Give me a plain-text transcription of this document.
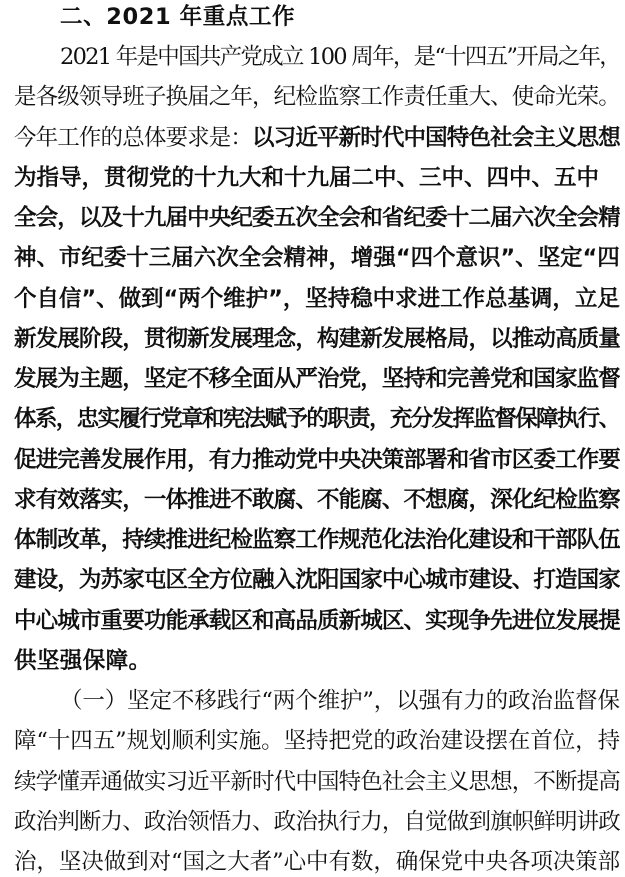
二、2021 年重点工作
2021 年是中国共产党成立 100 周年，是“十四五”开局之年，
是各级领导班子换届之年，纪检监察工作责任重大、使命光荣。
今年工作的总体要求是：以习近平新时代中国特色社会主义思想
为指导，贯彻党的十九大和十九届二中、三中、四中、五中
全会，以及十九届中央纪委五次全会和省纪委十二届六次全会精
神、市纪委十三届六次全会精神，增强“四个意识”、坚定“四
个自信”、做到“两个维护”，坚持稳中求进工作总基调，立足
新发展阶段，贯彻新发展理念，构建新发展格局，以推动高质量
发展为主题，坚定不移全面从严治党，坚持和完善党和国家监督
体系，忠实履行党章和宪法赋予的职责，充分发挥监督保障执行、
促进完善发展作用，有力推动党中央决策部署和省市区委工作要
求有效落实，一体推进不敢腐、不能腐、不想腐，深化纪检监察
体制改革，持续推进纪检监察工作规范化法治化建设和干部队伍
建设，为苏家屯区全方位融入沈阳国家中心城市建设、打造国家
中心城市重要功能承载区和高品质新城区、实现争先进位发展提
供坚强保障。
（一）坚定不移践行“两个维护”，以强有力的政治监督保
障“十四五”规划顺利实施。坚持把党的政治建设摆在首位，持
续学懂弄通做实习近平新时代中国特色社会主义思想，不断提高
政治判断力、政治领悟力、政治执行力，自觉做到旗帜鲜明讲政
治，坚决做到对“国之大者”心中有数，确保党中央各项决策部
